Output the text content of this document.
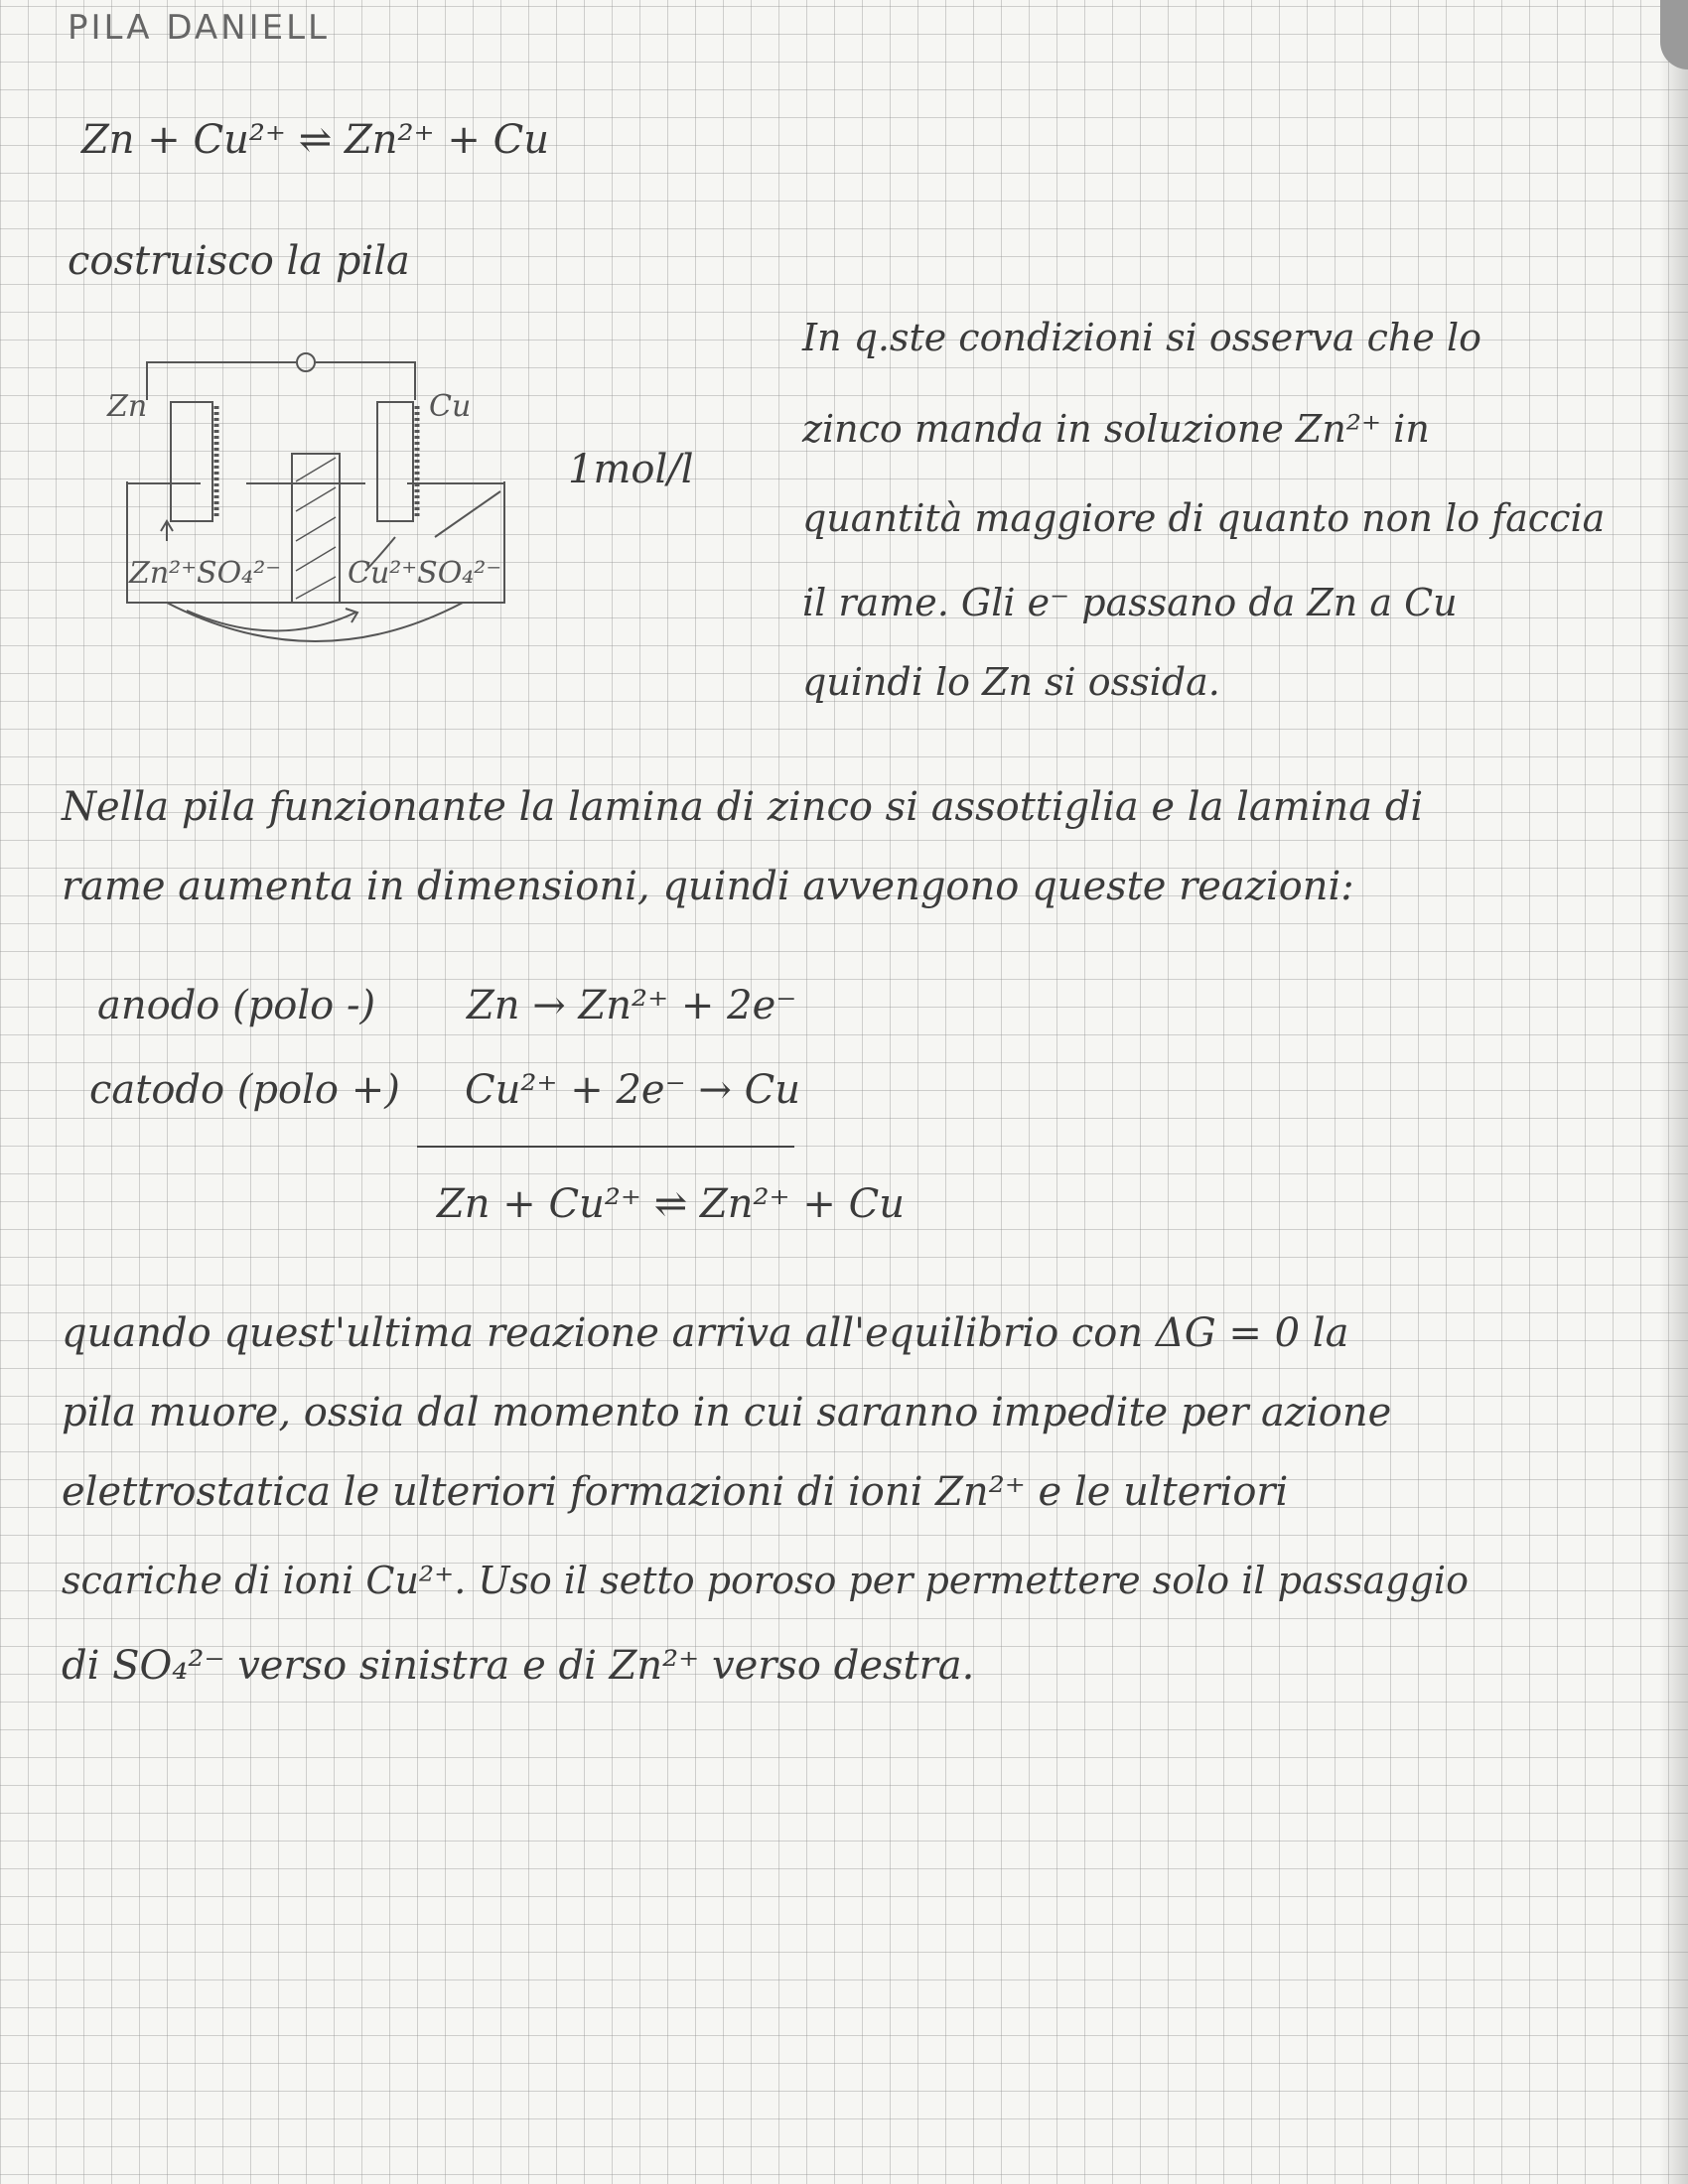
PILA DANIELL
Zn + Cu²⁺ ⇌ Zn²⁺ + Cu
costruisco la pila
Zn	Cu
Zn²⁺SO₄²⁻ Cu²⁺SO₄²⁻
1mol/l
In q.ste condizioni si osserva che lo
zinco manda in soluzione Zn²⁺ in
quantità maggiore di quanto non lo faccia
il rame. Gli e⁻ passano da Zn a Cu
quindi lo Zn si ossida.
Nella pila funzionante la lamina di zinco si assottiglia e la lamina di
rame aumenta in dimensioni, quindi avvengono queste reazioni:
anodo (polo -) Zn → Zn²⁺ + 2e⁻
catodo (polo +) Cu²⁺ + 2e⁻ → Cu
Zn + Cu²⁺ ⇌ Zn²⁺ + Cu
quando quest'ultima reazione arriva all'equilibrio con ΔG = 0 la
pila muore, ossia dal momento in cui saranno impedite per azione
elettrostatica le ulteriori formazioni di ioni Zn²⁺ e le ulteriori
scariche di ioni Cu²⁺. Uso il setto poroso per permettere solo il passaggio
di SO₄²⁻ verso sinistra e di Zn²⁺ verso destra.
